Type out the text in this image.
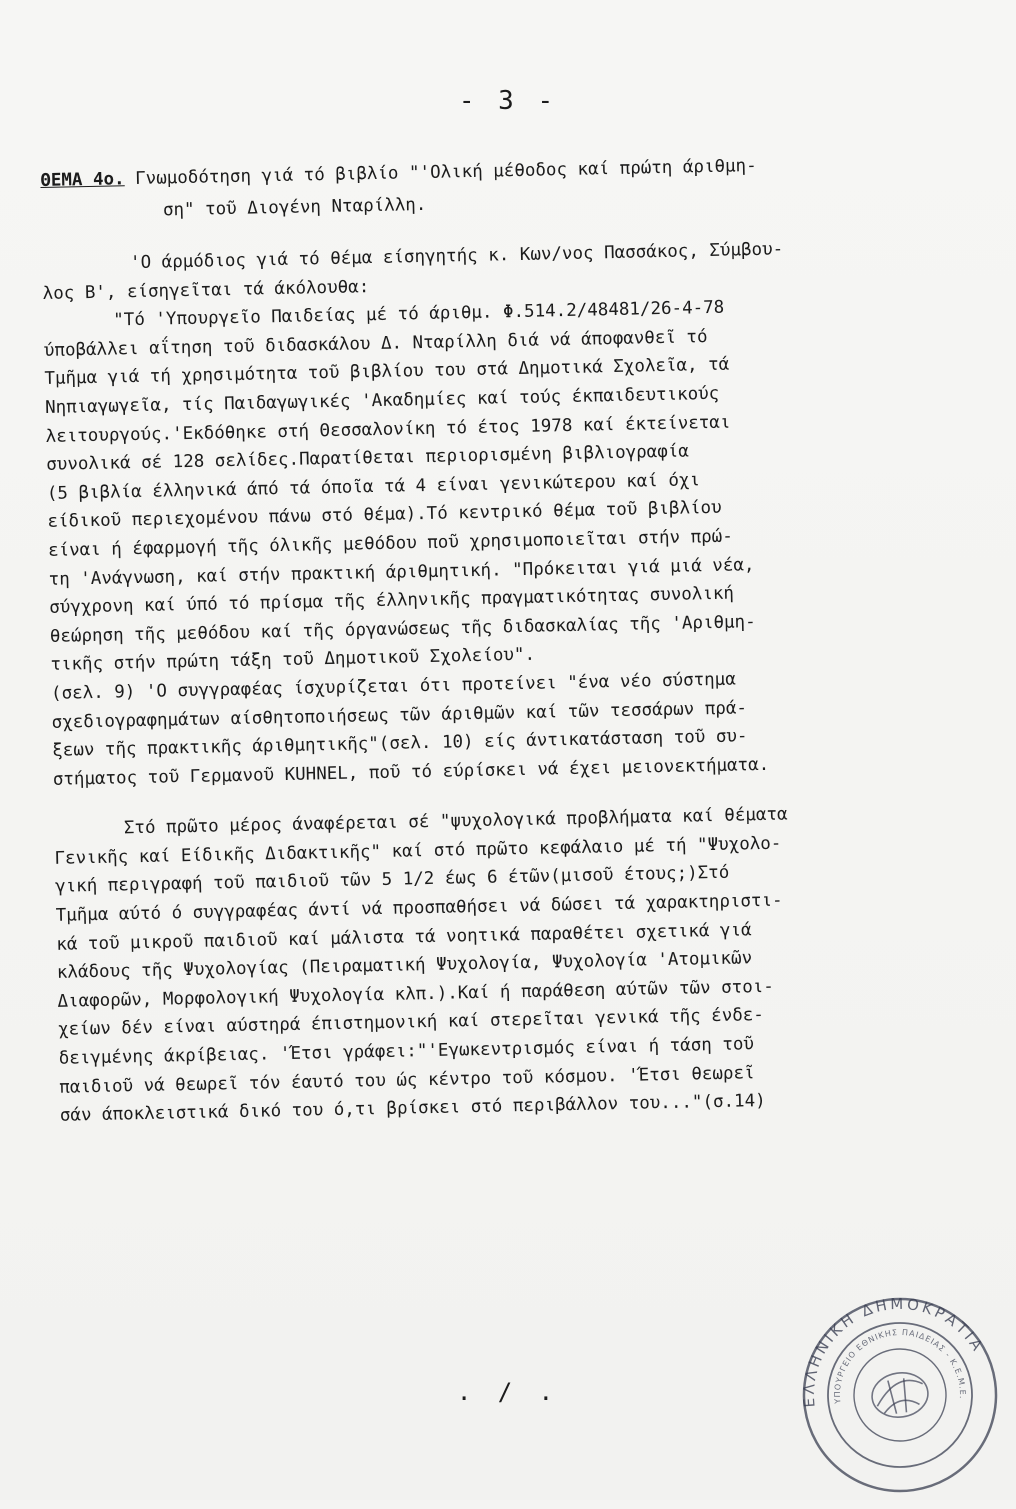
- 3 -
ΘΕΜΑ 4ο. Γνωμοδότηση γιά τό βιβλίο "'Ολική μέθοδος καί πρώτη άριθμη-
ση" τοῦ Διογένη Νταρίλλη.
'Ο άρμόδιος γιά τό θέμα είσηγητής κ. Κων/νος Πασσάκος, Σύμβου-
λος Β', είσηγεῖται τά άκόλουθα:
"Τό 'Υπουργεῖο Παιδείας μέ τό άριθμ. Φ.514.2/48481/26-4-78
ύποβάλλει αΐτηση τοῦ διδασκάλου Δ. Νταρίλλη διά νά άποφανθεῖ τό
Τμῆμα γιά τή χρησιμότητα τοῦ βιβλίου του στά Δημοτικά Σχολεῖα, τά
Νηπιαγωγεῖα, τίς Παιδαγωγικές 'Ακαδημίες καί τούς έκπαιδευτικούς
λειτουργούς.'Εκδόθηκε στή Θεσσαλονίκη τό έτος 1978 καί έκτείνεται
συνολικά σέ 128 σελίδες.Παρατίθεται περιορισμένη βιβλιογραφία
(5 βιβλία έλληνικά άπό τά όποῖα τά 4 είναι γενικώτερου καί όχι
είδικοῦ περιεχομένου πάνω στό θέμα).Τό κεντρικό θέμα τοῦ βιβλίου
είναι ή έφαρμογή τῆς όλικῆς μεθόδου ποῦ χρησιμοποιεῖται στήν πρώ-
τη 'Ανάγνωση, καί στήν πρακτική άριθμητική. "Πρόκειται γιά μιά νέα,
σύγχρονη καί ύπό τό πρίσμα τῆς έλληνικῆς πραγματικότητας συνολική
θεώρηση τῆς μεθόδου καί τῆς όργανώσεως τῆς διδασκαλίας τῆς 'Αριθμη-
τικῆς στήν πρώτη τάξη τοῦ Δημοτικοῦ Σχολείου".
(σελ. 9) 'Ο συγγραφέας ίσχυρίζεται ότι προτείνει "ένα νέο σύστημα
σχεδιογραφημάτων αίσθητοποιήσεως τῶν άριθμῶν καί τῶν τεσσάρων πρά-
ξεων τῆς πρακτικῆς άριθμητικῆς"(σελ. 10) είς άντικατάσταση τοῦ συ-
στήματος τοῦ Γερμανοῦ KUHNEL, ποῦ τό εύρίσκει νά έχει μειονεκτήματα.
Στό πρῶτο μέρος άναφέρεται σέ "ψυχολογικά προβλήματα καί θέματα
Γενικῆς καί Είδικῆς Διδακτικῆς" καί στό πρῶτο κεφάλαιο μέ τή "Ψυχολο-
γική περιγραφή τοῦ παιδιοῦ τῶν 5 1/2 έως 6 έτῶν(μισοῦ έτους;)Στό
Τμῆμα αύτό ό συγγραφέας άντί νά προσπαθήσει νά δώσει τά χαρακτηριστι-
κά τοῦ μικροῦ παιδιοῦ καί μάλιστα τά νοητικά παραθέτει σχετικά γιά
κλάδους τῆς Ψυχολογίας (Πειραματική Ψυχολογία, Ψυχολογία 'Ατομικῶν
Διαφορῶν, Μορφολογική Ψυχολογία κλπ.).Καί ή παράθεση αύτῶν τῶν στοι-
χείων δέν είναι αύστηρά έπιστημονική καί στερεῖται γενικά τῆς ένδε-
δειγμένης άκρίβειας. 'Έτσι γράφει:"'Εγωκεντρισμός είναι ή τάση τοῦ
παιδιοῦ νά θεωρεῖ τόν έαυτό του ώς κέντρο τοῦ κόσμου. 'Έτσι θεωρεῖ
σάν άποκλειστικά δικό του ό,τι βρίσκει στό περιβάλλον του..."(σ.14)
. / .	ΕΛΛΗΝΙΚΗ ΔΗΜΟΚΡΑΤΙΑ
ΥΠΟΥΡΓΕΙΟ ΕΘΝΙΚΗΣ ΠΑΙΔΕΙΑΣ - Κ.Ε.Μ.Ε.
